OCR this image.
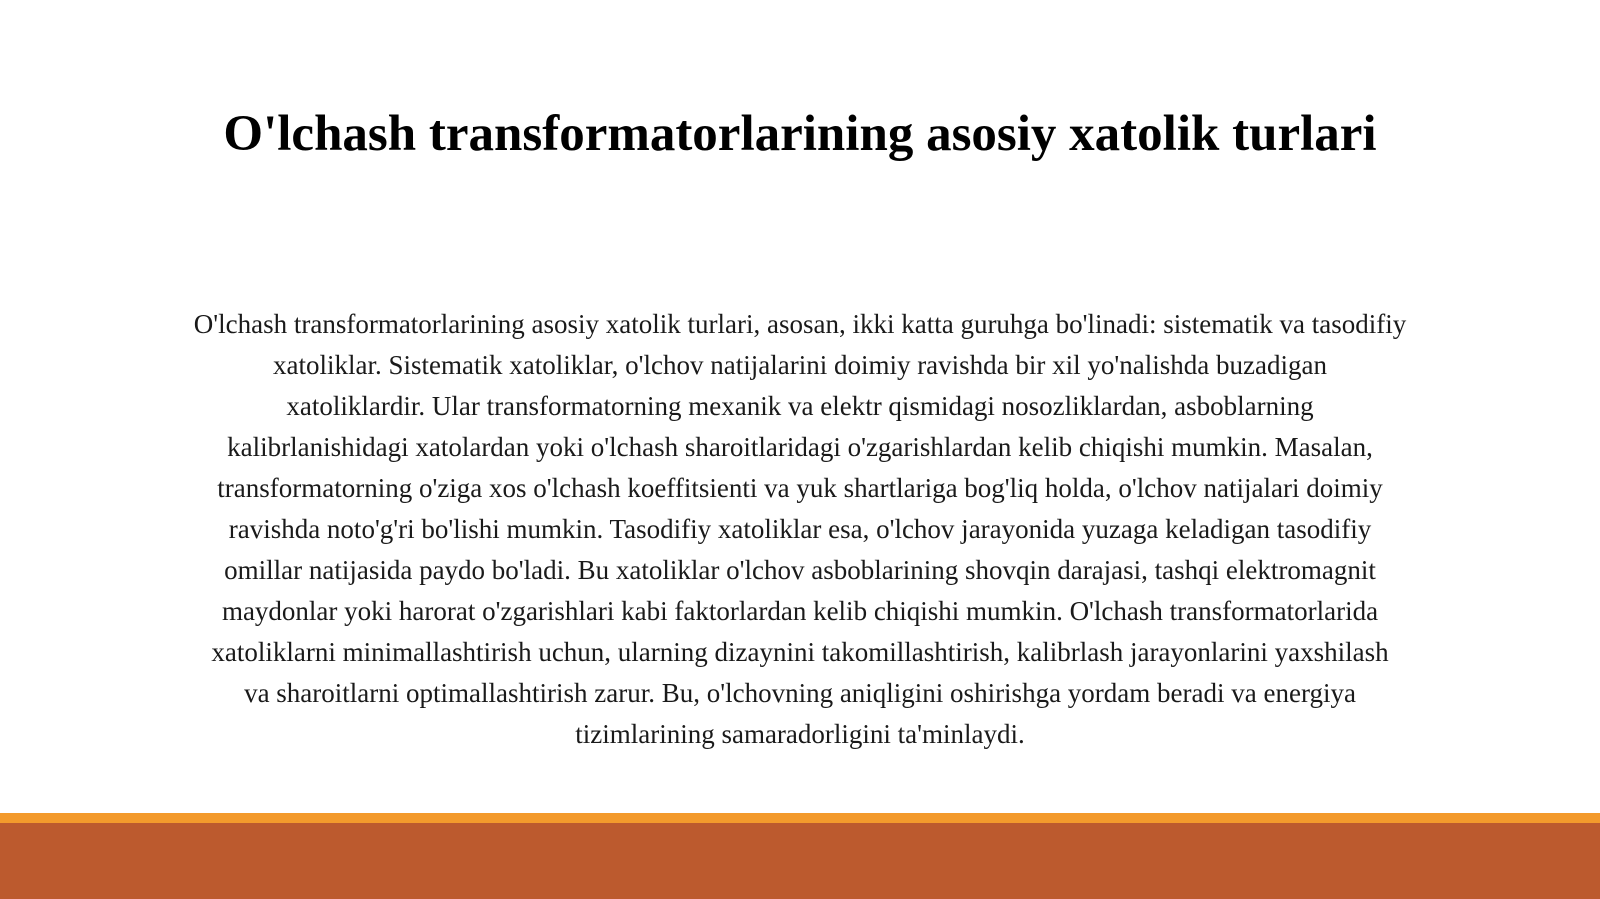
O'lchash transformatorlarining asosiy xatolik turlari

O'lchash transformatorlarining asosiy xatolik turlari, asosan, ikki katta guruhga bo'linadi: sistematik va tasodifiy
xatoliklar. Sistematik xatoliklar, o'lchov natijalarini doimiy ravishda bir xil yo'nalishda buzadigan
xatoliklardir. Ular transformatorning mexanik va elektr qismidagi nosozliklardan, asboblarning
kalibrlanishidagi xatolardan yoki o'lchash sharoitlaridagi o'zgarishlardan kelib chiqishi mumkin. Masalan,
transformatorning o'ziga xos o'lchash koeffitsienti va yuk shartlariga bog'liq holda, o'lchov natijalari doimiy
ravishda noto'g'ri bo'lishi mumkin. Tasodifiy xatoliklar esa, o'lchov jarayonida yuzaga keladigan tasodifiy
omillar natijasida paydo bo'ladi. Bu xatoliklar o'lchov asboblarining shovqin darajasi, tashqi elektromagnit
maydonlar yoki harorat o'zgarishlari kabi faktorlardan kelib chiqishi mumkin. O'lchash transformatorlarida
xatoliklarni minimallashtirish uchun, ularning dizaynini takomillashtirish, kalibrlash jarayonlarini yaxshilash
va sharoitlarni optimallashtirish zarur. Bu, o'lchovning aniqligini oshirishga yordam beradi va energiya
tizimlarining samaradorligini ta'minlaydi.
